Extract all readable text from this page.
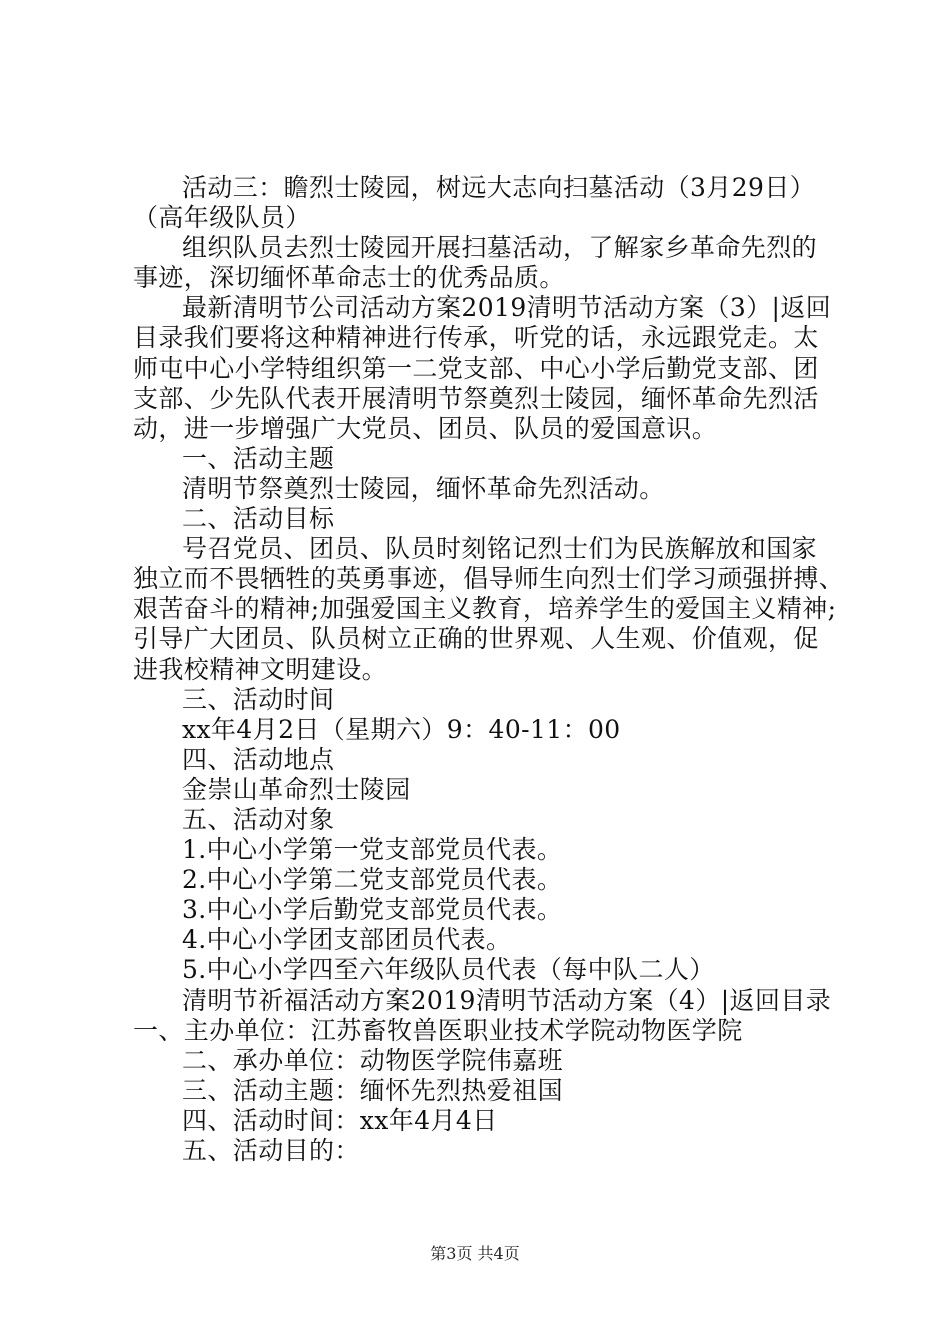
活动三：瞻烈士陵园，树远大志向扫墓活动（3月29日）
（高年级队员）
组织队员去烈士陵园开展扫墓活动，了解家乡革命先烈的
事迹，深切缅怀革命志士的优秀品质。
最新清明节公司活动方案2019清明节活动方案（3）|返回
目录我们要将这种精神进行传承，听党的话，永远跟党走。太
师屯中心小学特组织第一二党支部、中心小学后勤党支部、团
支部、少先队代表开展清明节祭奠烈士陵园，缅怀革命先烈活
动，进一步增强广大党员、团员、队员的爱国意识。
一、活动主题
清明节祭奠烈士陵园，缅怀革命先烈活动。
二、活动目标
号召党员、团员、队员时刻铭记烈士们为民族解放和国家
独立而不畏牺牲的英勇事迹，倡导师生向烈士们学习顽强拼搏、
艰苦奋斗的精神;加强爱国主义教育，培养学生的爱国主义精神;
引导广大团员、队员树立正确的世界观、人生观、价值观，促
进我校精神文明建设。
三、活动时间
xx年4月2日（星期六）9：40-11：00
四、活动地点
金崇山革命烈士陵园
五、活动对象
1.中心小学第一党支部党员代表。
2.中心小学第二党支部党员代表。
3.中心小学后勤党支部党员代表。
4.中心小学团支部团员代表。
5.中心小学四至六年级队员代表（每中队二人）
清明节祈福活动方案2019清明节活动方案（4）|返回目录
一、主办单位：江苏畜牧兽医职业技术学院动物医学院
二、承办单位：动物医学院伟嘉班
三、活动主题：缅怀先烈热爱祖国
四、活动时间：xx年4月4日
五、活动目的：
第3页 共4页
